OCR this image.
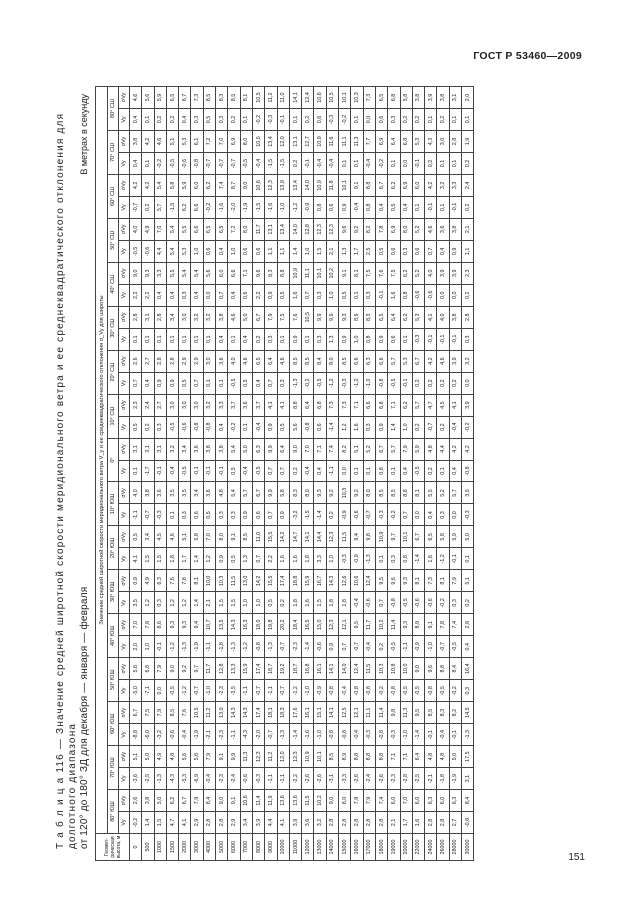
ГОСТ Р 53460—2009
Т а б л и ц а 116 — Значение средней широтной скорости меридионального ветра и ее среднеквадратического отклонения для долготного диапазона от 120° до 180° ЗД для декабря — января — февраля
В метрах в секунду
Геомет- рическая высота, м	Значение средней широтной скорости меридионального ветра V_y и ее среднеквадратического отклонения σ_Vy для широты																																	
	80° ЮШ		70° ЮШ		60° ЮШ		50° ЮШ		40° ЮШ		30° ЮШ		20° ЮШ		10° ЮШ		0°		10° СШ		20° СШ		30° СШ		40° СШ		50° СШ		60° СШ		70° СШ		80° СШ	
	Vy	σVy	Vy	σVy	Vy	σVy	Vy	σVy	Vy	σVy	Vy	σVy	Vy	σVy	Vy	σVy	Vy	σVy	Vy	σVy	Vy	σVy	Vy	σVy	Vy	σVy	Vy	σVy	Vy	σVy	Vy	σVy	Vy	σVy
0	-0,2	2,6	-3,6	5,1	-8,8	6,7	-5,0	5,6	2,0	7,0	3,5	0,9	4,1	0,5	-1,1	4,0	0,1	3,1	0,5	2,3	0,7	2,6	0,1	2,8	2,2	9,0	-0,5	4,0	-0,7	4,2	0,4	3,8	0,4	4,6
500	1,4	3,8	-2,5	5,0	-6,0	7,5	-7,1	6,8	1,0	7,8	1,2	4,9	1,5	3,4	-0,7	3,8	-1,7	3,1	0,2	2,4	0,4	2,7	0,1	3,1	2,2	9,3	-0,6	4,9	0,2	4,2	0,1	4,2	0,1	5,6
1000	1,5	5,0	-1,3	4,9	-3,2	7,9	0,0	7,9	-0,1	8,6	0,3	6,3	1,5	4,5	-0,3	3,6	-0,1	3,1	0,3	2,7	0,9	2,8	0,1	2,8	0,4	3,3	4,4	7,0	5,7	5,4	-0,2	4,6	0,2	5,9
1500	4,7	6,2	-4,3	4,8	-0,6	8,5	-0,5	9,0	-1,2	9,3	1,2	7,6	1,8	4,6	0,1	3,5	-0,4	3,2	-0,5	3,0	0,9	2,8	0,1	3,4	0,4	5,5	5,4	5,4	-1,5	5,8	-0,5	5,1	0,2	6,5
2000	4,1	6,7	-5,3	5,6	-0,4	7,6	-1,2	9,2	-1,3	9,3	1,2	7,8	1,7	5,1	0,3	3,5	-0,5	3,4	-0,6	3,0	0,5	2,9	0,1	3,0	0,3	5,4	5,3	5,5	6,2	5,9	-0,6	5,3	0,4	6,7
3000	2,9	7,9	-6,9	5,6	-1,9	10,5	-0,7	9,7	-1,9	9,4	1,4	8,1	1,4	5,8	0,6	3,4	-0,1	3,6	-0,8	3,0	0,7	2,9	0,1	3,2	0,4	5,4	1,0	6,6	6,6	6,0	-0,8	6,1	0,3	7,3
4000	2,8	8,4	-0,4	7,9	-2,1	11,2	-1,0	11,7	-1,1	10,7	2,1	10,0	1,2	7,0	0,5	3,6	-0,1	3,8	-0,8	3,2	0,1	3,0	0,1	3,2	0,0	5,6	0,6	6,5	-0,2	6,2	-0,7	7,2	0,5	8,5
5000	2,8	9,0	-2,3	9,1	-2,3	13,0	-2,3	12,8	-1,8	13,5	1,5	10,3	0,9	8,0	0,3	4,8	-0,1	3,8	0,4	3,3	0,1	3,6	0,4	3,8	0,7	6,0	0,4	6,5	-1,6	7,4	-0,7	7,0	0,3	8,3
6000	2,9	9,1	-2,4	9,9	-1,1	14,3	-3,5	13,3	-1,3	14,3	1,5	11,5	0,5	9,1	0,3	5,4	0,5	5,4	-0,2	3,7	-0,5	4,0	0,1	4,6	0,4	6,6	1,0	7,2	-2,0	8,7	-0,7	6,9	0,2	8,5
7000	3,4	10,6	-0,6	11,3	-4,3	14,3	-1,1	15,9	-1,2	16,3	1,0	13,0	1,3	8,5	0,9	5,7	-0,4	5,0	0,1	3,6	0,5	4,6	0,4	5,0	0,6	7,1	0,6	8,0	-1,9	9,0	-0,5	8,0	0,1	8,1
8000	3,9	11,4	-0,3	12,3	-2,0	17,4	-0,7	17,4	-0,8	18,0	1,0	14,2	0,7	11,0	0,6	6,7	-0,5	6,3	-0,4	3,7	0,4	6,5	0,2	6,7	2,2	9,6	0,6	11,7	-1,5	10,6	-0,4	10,5	-0,2	10,5
9000	4,4	11,9	-1,1	11,2	-0,7	18,1	-1,1	18,7	-1,3	19,8	0,5	15,5	2,2	15,5	0,7	9,9	0,7	9,9	0,9	4,1	0,7	6,4	0,3	7,9	0,9	9,3	1,1	13,1	-1,6	12,3	-1,5	13,4	-0,3	11,2
10000	4,1	13,6	-1,1	12,0	-1,3	18,3	-0,7	19,2	-0,7	20,2	0,2	17,4	1,6	14,2	0,9	5,8	0,7	6,4	0,5	4,1	0,3	4,6	0,1	7,5	0,5	8,8	1,1	13,4	-1,0	13,9	-1,5	12,0	-0,1	11,0
11000	3,9	13,6	-2,2	12,3	-1,4	17,6	-1,2	18,7	-2,3	18,4	1,8	18,8	1,6	14,7	-3,2	8,3	0,2	9,0	5,6	8,8	-1,3	8,5	0,9	7,6	1,6	10,9	1,4	14,0	-1,2	13,4	0,2	13,1	0,1	14,1
12000	3,6	11,5	-2,6	10,9	-1,6	16,1	-1,0	16,8	-1,4	16,5	1,6	15,9	1,8	14,1	-1,5	8,0	-0,4	7,0	-0,8	6,4	-0,2	8,5	0,1	10,5	0,7	11,1	1,0	12,8	-0,9	14,0	-0,1	12,7	0,2	12,4
13000	3,2	10,2	-2,6	10,1	-1,0	15,1	-0,9	16,1	-0,6	15,0	1,5	16,7	3,3	14,4	-1,4	9,3	0,4	7,1	0,6	6,8	-0,5	8,4	0,3	9,9	0,3	10,1	1,5	12,3	0,8	10,9	-0,4	10,9	0,6	10,6
14000	2,8	9,0	-3,1	8,5	-0,8	14,1	-0,8	14,1	0,9	12,3	1,8	14,3	1,0	12,3	0,2	9,2	-1,1	7,4	-1,4	7,3	-1,2	8,0	1,3	9,9	1,0	10,2	2,1	12,3	0,6	11,8	-0,4	11,6	-0,3	10,5
15000	2,8	8,0	-3,3	8,9	-0,8	12,5	-0,4	14,0	0,7	12,1	1,8	12,6	-0,3	11,5	-0,9	10,3	0,0	8,2	1,2	7,3	-0,3	8,5	0,9	9,3	0,5	9,1	1,3	9,6	0,9	10,1	0,1	11,1	-0,2	10,1
16000	2,8	7,8	-2,6	8,8	-0,4	12,1	-0,8	12,4	-0,7	9,5	-0,4	10,6	-0,9	9,4	-0,6	9,2	0,1	5,1	1,6	7,1	-1,2	6,6	1,0	8,9	0,1	8,1	1,7	9,2	-0,4	9,1	0,1	11,3	0,1	10,3
17000	2,8	7,9	-2,4	8,8	-0,3	11,1	-0,8	11,5	-0,4	11,7	-0,6	12,4	-1,3	9,8	-0,7	8,0	0,1	5,2	0,3	6,6	-1,0	6,3	0,8	8,3	0,3	7,5	2,5	8,2	0,8	8,8	-0,4	7,7	0,0	7,3
18000	2,8	7,4	-2,6	8,8	-0,8	11,4	-0,2	10,3	0,2	10,2	0,7	9,5	0,1	10,9	-0,3	8,5	0,8	6,7	0,9	6,8	-0,8	6,6	0,9	6,5	-0,1	7,6	0,5	7,8	0,4	6,7	-0,2	6,9	0,6	6,5
19000	2,1	6,0	-2,3	7,1	-0,3	9,8	-0,8	10,8	-0,5	11,4	-0,8	9,6	0,3	9,7	-0,2	8,5	0,1	5,7	1,4	7,1	-0,5	5,7	0,6	6,4	1,6	7,5	0,6	6,9	0,5	6,2	0,1	6,4	0,3	6,8
20000	1,7	7,0	-2,8	7,1	-1,0	11,3	-0,5	10,0	-1,1	9,3	-0,5	9,3	0,8	10,1	0,7	8,8	0,4	7,9	1,0	6,2	-0,1	5,3	0,1	6,2	0,8	6,2	0,3	8,0	0,4	6,9	0,0	6,8	0,2	5,8
22000	1,6	6,0	-2,5	6,4	-1,4	9,5	-0,5	9,0	-0,9	8,9	-0,6	8,1	-1,4	6,7	0,0	8,1	-0,5	5,9	0,2	5,7	0,2	6,7	-0,3	5,3	-0,6	5,2	0,6	5,2	0,1	6,0	-0,1	5,3	0,2	3,8
24000	2,8	6,3	-2,1	4,8	-0,1	8,5	-0,8	9,6	-1,0	9,1	-0,6	7,3	1,6	6,5	0,4	5,5	0,2	4,8	-0,7	4,7	0,2	4,2	-0,1	4,1	-0,6	4,0	0,7	4,6	-0,1	4,2	0,2	4,3	0,1	3,9
26000	2,8	6,0	-1,8	4,8	-0,4	8,3	-0,5	8,8	-0,7	7,8	-0,2	8,1	-1,2	5,8	0,3	5,2	0,1	4,4	0,2	4,5	0,2	4,6	-0,1	4,0	0,0	3,9	0,4	3,6	0,1	3,2	0,1	3,0	0,2	3,8
28000	2,7	6,3	-1,9	5,0	-0,1	8,2	-0,2	8,4	-0,5	7,4	0,3	7,9	-0,1	5,9	0,0	5,7	0,4	4,2	-0,4	4,1	0,2	3,9	-0,1	3,8	0,0	3,9	0,9	3,8	-0,1	3,3	0,1	2,8	0,1	3,1
30000	-0,8	8,4	3,1	17,5	-1,3	14,5	0,3	16,4	0,4	2,8	0,2	5,1	0,1	5,0	-0,3	3,5	-0,8	4,2	-0,2	3,9	0,0	3,2	0,3	2,8	0,2	2,3	1,1	2,1	0,2	2,4	0,2	1,9	0,1	2,0
151
